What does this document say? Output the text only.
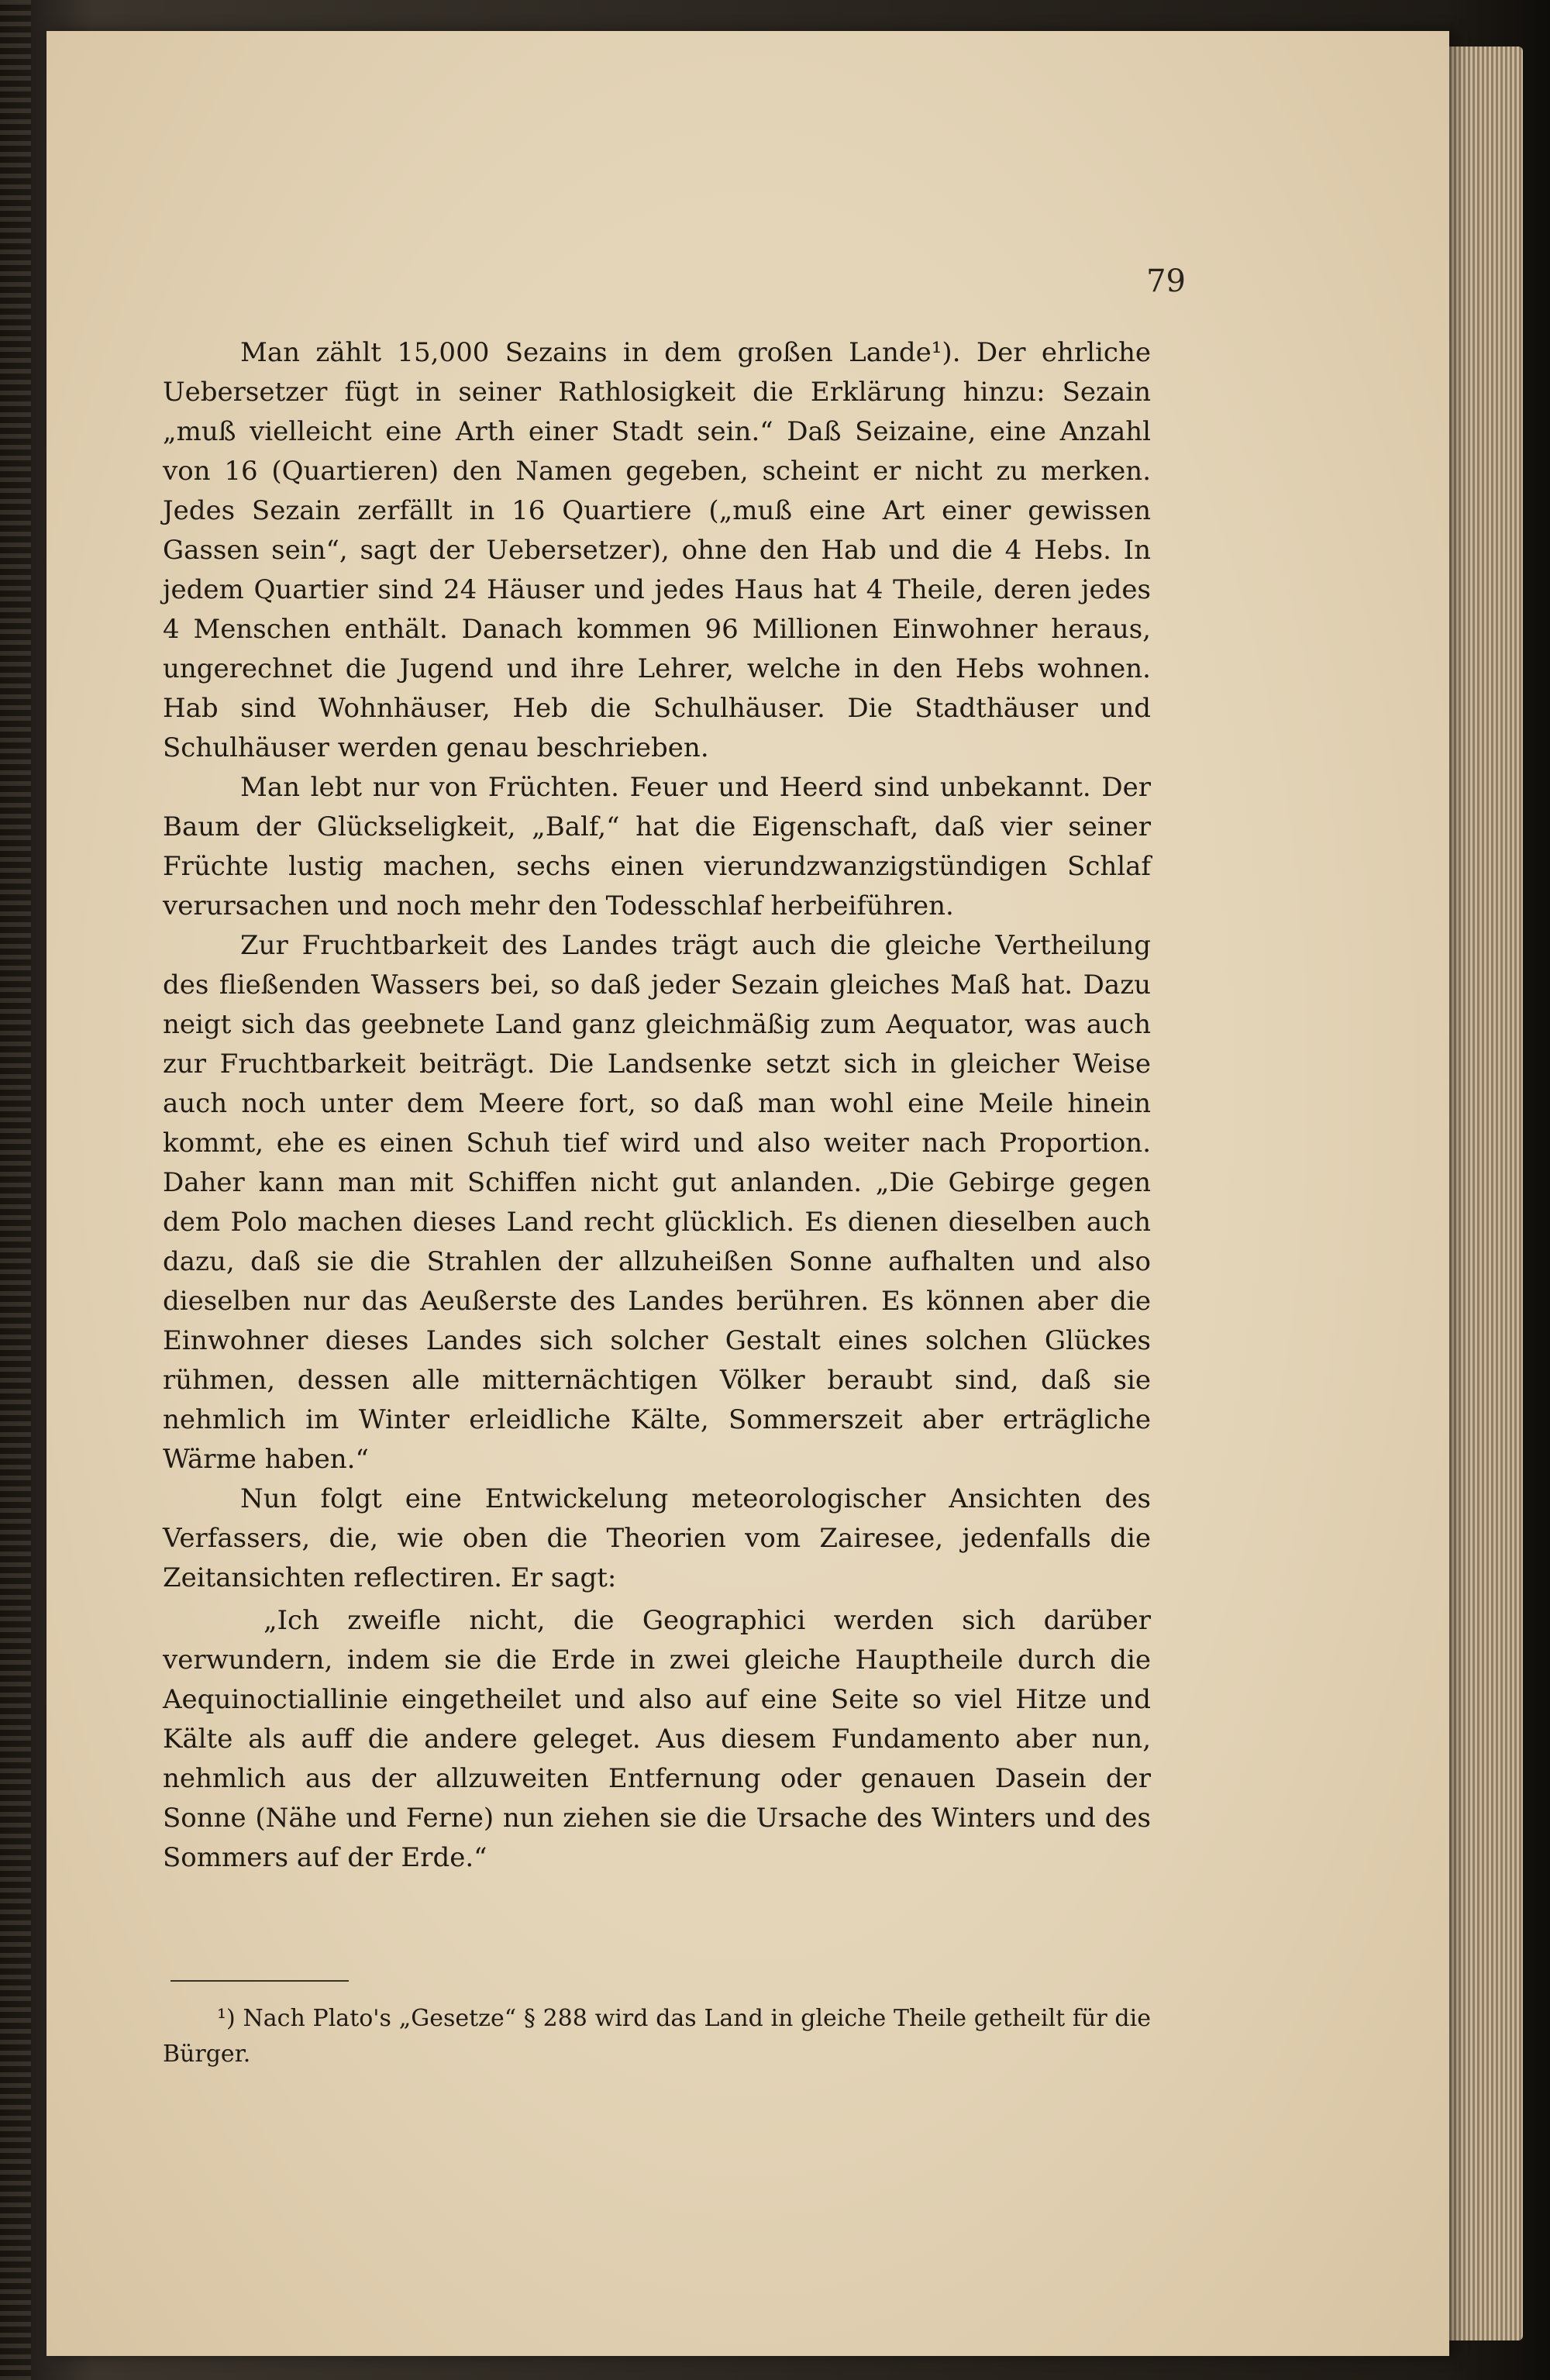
79

Man zählt 15,000 Sezains in dem großen Lande¹). Der ehrliche Uebersetzer fügt in seiner Rathlosigkeit die Erklärung hinzu: Sezain „muß vielleicht eine Arth einer Stadt sein.“ Daß Seizaine, eine Anzahl von 16 (Quartieren) den Namen gegeben, scheint er nicht zu merken. Jedes Sezain zerfällt in 16 Quartiere („muß eine Art einer gewissen Gassen sein“, sagt der Uebersetzer), ohne den Hab und die 4 Hebs. In jedem Quartier sind 24 Häuser und jedes Haus hat 4 Theile, deren jedes 4 Menschen enthält. Danach kommen 96 Millionen Einwohner heraus, ungerechnet die Jugend und ihre Lehrer, welche in den Hebs wohnen. Hab sind Wohnhäuser, Heb die Schulhäuser. Die Stadthäuser und Schulhäuser werden genau beschrieben.

Man lebt nur von Früchten. Feuer und Heerd sind unbekannt. Der Baum der Glückseligkeit, „Balf,“ hat die Eigenschaft, daß vier seiner Früchte lustig machen, sechs einen vierundzwanzigstündigen Schlaf verursachen und noch mehr den Todesschlaf herbeiführen.

Zur Fruchtbarkeit des Landes trägt auch die gleiche Vertheilung des fließenden Wassers bei, so daß jeder Sezain gleiches Maß hat. Dazu neigt sich das geebnete Land ganz gleichmäßig zum Aequator, was auch zur Fruchtbarkeit beiträgt. Die Landsenke setzt sich in gleicher Weise auch noch unter dem Meere fort, so daß man wohl eine Meile hinein kommt, ehe es einen Schuh tief wird und also weiter nach Proportion. Daher kann man mit Schiffen nicht gut anlanden. „Die Gebirge gegen dem Polo machen dieses Land recht glücklich. Es dienen dieselben auch dazu, daß sie die Strahlen der allzuheißen Sonne aufhalten und also dieselben nur das Aeußerste des Landes berühren. Es können aber die Einwohner dieses Landes sich solcher Gestalt eines solchen Glückes rühmen, dessen alle mitternächtigen Völker beraubt sind, daß sie nehmlich im Winter erleidliche Kälte, Sommerszeit aber erträgliche Wärme haben.“

Nun folgt eine Entwickelung meteorologischer Ansichten des Verfassers, die, wie oben die Theorien vom Zairesee, jedenfalls die Zeitansichten reflectiren. Er sagt:

„Ich zweifle nicht, die Geographici werden sich darüber verwundern, indem sie die Erde in zwei gleiche Hauptheile durch die Aequinoctiallinie eingetheilet und also auf eine Seite so viel Hitze und Kälte als auff die andere geleget. Aus diesem Fundamento aber nun, nehmlich aus der allzuweiten Entfernung oder genauen Dasein der Sonne (Nähe und Ferne) nun ziehen sie die Ursache des Winters und des Sommers auf der Erde.“

¹) Nach Plato's „Gesetze“ § 288 wird das Land in gleiche Theile getheilt für die Bürger.
